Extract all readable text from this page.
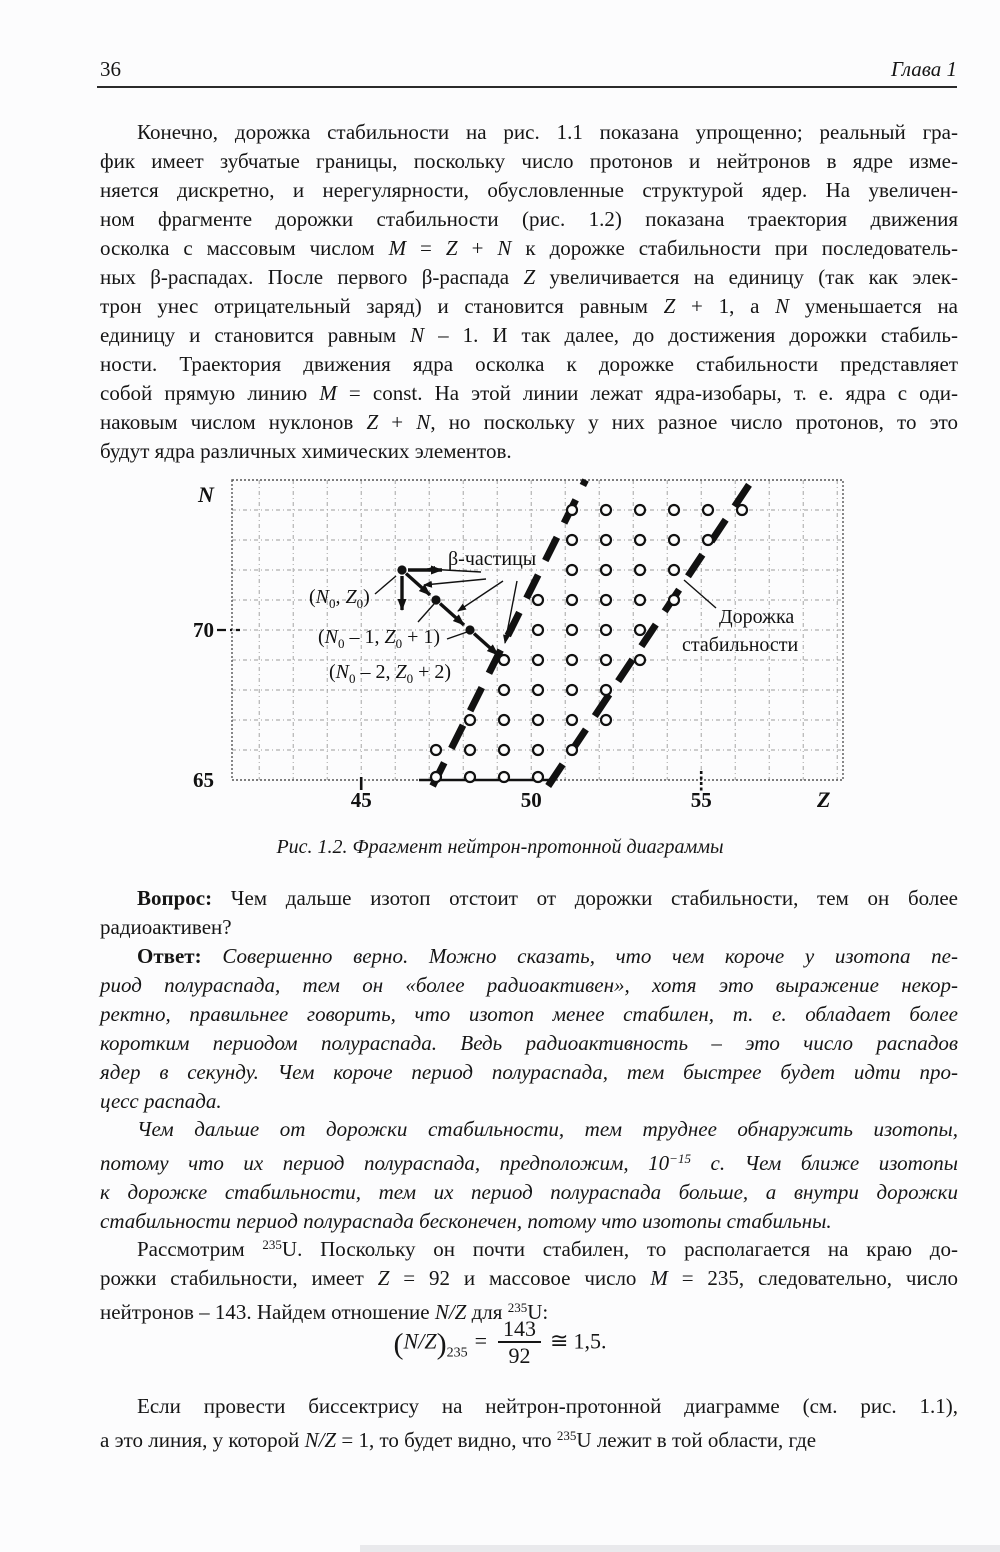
36	Глава 1
Конечно, дорожка стабильности на рис. 1.1 показана упрощенно; реальный гра-
фик имеет зубчатые границы, поскольку число протонов и нейтронов в ядре изме-
няется дискретно, и нерегулярности, обусловленные структурой ядер. На увеличен-
ном фрагменте дорожки стабильности (рис. 1.2) показана траектория движения
осколка с массовым числом M = Z + N к дорожке стабильности при последователь-
ных β-распадах. После первого β-распада Z увеличивается на единицу (так как элек-
трон унес отрицательный заряд) и становится равным Z + 1, а N уменьшается на
единицу и становится равным N – 1. И так далее, до достижения дорожки стабиль-
ности. Траектория движения ядра осколка к дорожке стабильности представляет
собой прямую линию M = const. На этой линии лежат ядра-изобары, т. е. ядра с оди-
наковым числом нуклонов Z + N, но поскольку у них разное число протонов, то это
будут ядра различных химических элементов.
N
Z
70
65
45	50	55
β-частицы
Дорожка
стабильности
($N_0$, $Z_0$)
($N_0 - 1$, $Z_0 + 1$)
($N_0 - 2$, $Z_0 + 2$)
Рис. 1.2. Фрагмент нейтрон-протонной диаграммы
Вопрос: Чем дальше изотоп отстоит от дорожки стабильности, тем он более
радиоактивен?
Ответ: Совершенно верно. Можно сказать, что чем короче у изотопа пе-
риод полураспада, тем он «более радиоактивен», хотя это выражение некор-
ректно, правильнее говорить, что изотоп менее стабилен, т. е. обладает более
коротким периодом полураспада. Ведь радиоактивность – это число распадов
ядер в секунду. Чем короче период полураспада, тем быстрее будет идти про-
цесс распада.
Чем дальше от дорожки стабильности, тем труднее обнаружить изотопы,
потому что их период полураспада, предположим, $10^{-15}$ с. Чем ближе изотопы
к дорожке стабильности, тем их период полураспада больше, а внутри дорожки
стабильности период полураспада бесконечен, потому что изотопы стабильны.
Рассмотрим $^{235}$U. Поскольку он почти стабилен, то располагается на краю до-
рожки стабильности, имеет Z = 92 и массовое число M = 235, следовательно, число
нейтронов – 143. Найдем отношение N/Z для $^{235}$U:
$(N/Z)_{235} = \frac{143}{92}$ ≅ 1,5.
Если провести биссектрису на нейтрон-протонной диаграмме (см. рис. 1.1),
а это линия, у которой N/Z = 1, то будет видно, что $^{235}$U лежит в той области, где
